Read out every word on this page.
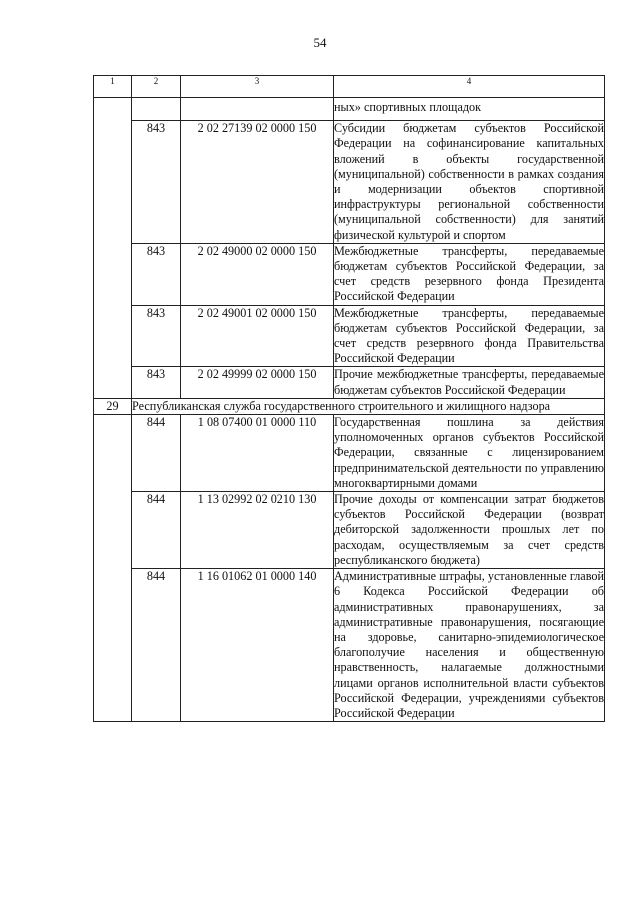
54
1	2	3	4
			ных» спортивных площадок
	843	2 02 27139 02 0000 150	Субсидии бюджетам субъектов Российской Федерации на софинансирование капитальных вложений в объекты государственной (муниципальной) собственности в рамках создания и модернизации объектов спортивной инфраструктуры региональной собственности (муниципальной собственности) для занятий физической культурой и спортом
	843	2 02 49000 02 0000 150	Межбюджетные трансферты, передаваемые бюджетам субъектов Российской Федерации, за счет средств резервного фонда Президента Российской Федерации
	843	2 02 49001 02 0000 150	Межбюджетные трансферты, передаваемые бюджетам субъектов Российской Федерации, за счет средств резервного фонда Правительства Российской Федерации
	843	2 02 49999 02 0000 150	Прочие межбюджетные трансферты, передаваемые бюджетам субъектов Российской Федерации
29	Республиканская служба государственного строительного и жилищного надзора		
	844	1 08 07400 01 0000 110	Государственная пошлина за действия уполномоченных органов субъектов Российской Федерации, связанные с лицензированием предпринимательской деятельности по управлению многоквартирными домами
	844	1 13 02992 02 0210 130	Прочие доходы от компенсации затрат бюджетов субъектов Российской Федерации (возврат дебиторской задолженности прошлых лет по расходам, осуществляемым за счет средств республиканского бюджета)
	844	1 16 01062 01 0000 140	Административные штрафы, установленные главой 6 Кодекса Российской Федерации об административных правонарушениях, за административные правонарушения, посягающие на здоровье, санитарно-эпидемиологическое благополучие населения и общественную нравственность, налагаемые должностными лицами органов исполнительной власти субъектов Российской Федерации, учреждениями субъектов Российской Федерации
